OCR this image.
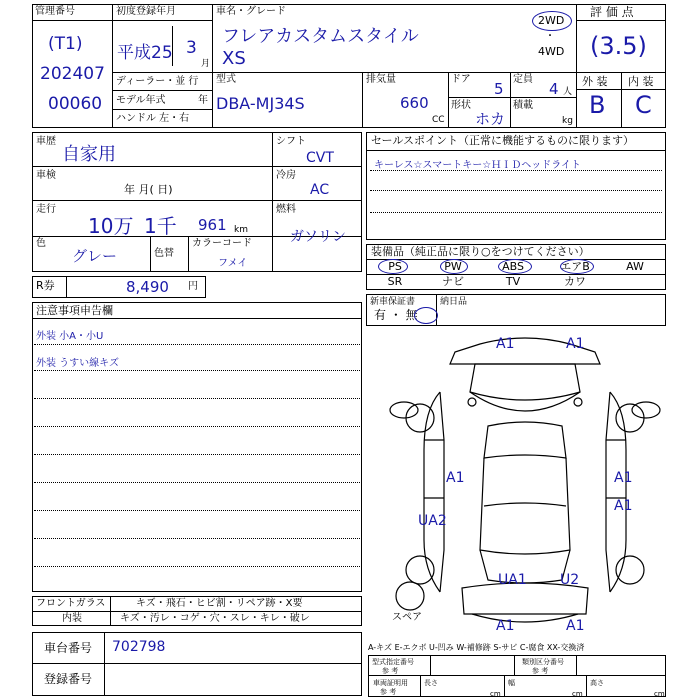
管理番号
(T1)
202407
00060
初度登録年月
平成25 3
月
車名・グレード
フレアカスタムスタイル
XS
2WD
・
4WD
評 価 点
(3.5)
ディーラー・並 行
モデル年式	年
ハンドル 左・右
型式
DBA-MJ34S
排気量
660
CC
ドア
5
定員
4 人
形状
ホカ
積載
kg
外 装 内 装
B C
車歴
自家用
車検
年 月( 日)
走行
10万 1千 961 km
色
グレー	色替
カラーコード
フメイ
シフト
CVT
冷房
AC
燃料
ガソリン
セールスポイント（正常に機能するものに限ります）
キーレス☆スマートキー☆ＨＩＤヘッドライト
装備品（純正品に限り○をつけてください）
PS	PW	ABS	エアB	AW
SR	ナビ	TV	カワ
R券	8,490 円
新車保証書
有 ・ 無
納日品
注意事項申告欄
外装 小A・小U
外装 うすい線キズ
A1	A1
A1	A1
A1
UA2
UA1 U2
A1	A1
スペア
フロントガラス	キズ・飛石・ヒビ割・リペア跡・X要
内装	キズ・汚レ・コゲ・穴・スレ・キレ・破レ
車台番号 702798
登録番号
A-キズ E-エクボ U-凹み W-補修跡 S-サビ C-腐食 XX-交換済
型式指定番号
参 考
類別区分番号
参 考
車両証明用
参 考
長さ
cm
幅
cm
高さ
cm
